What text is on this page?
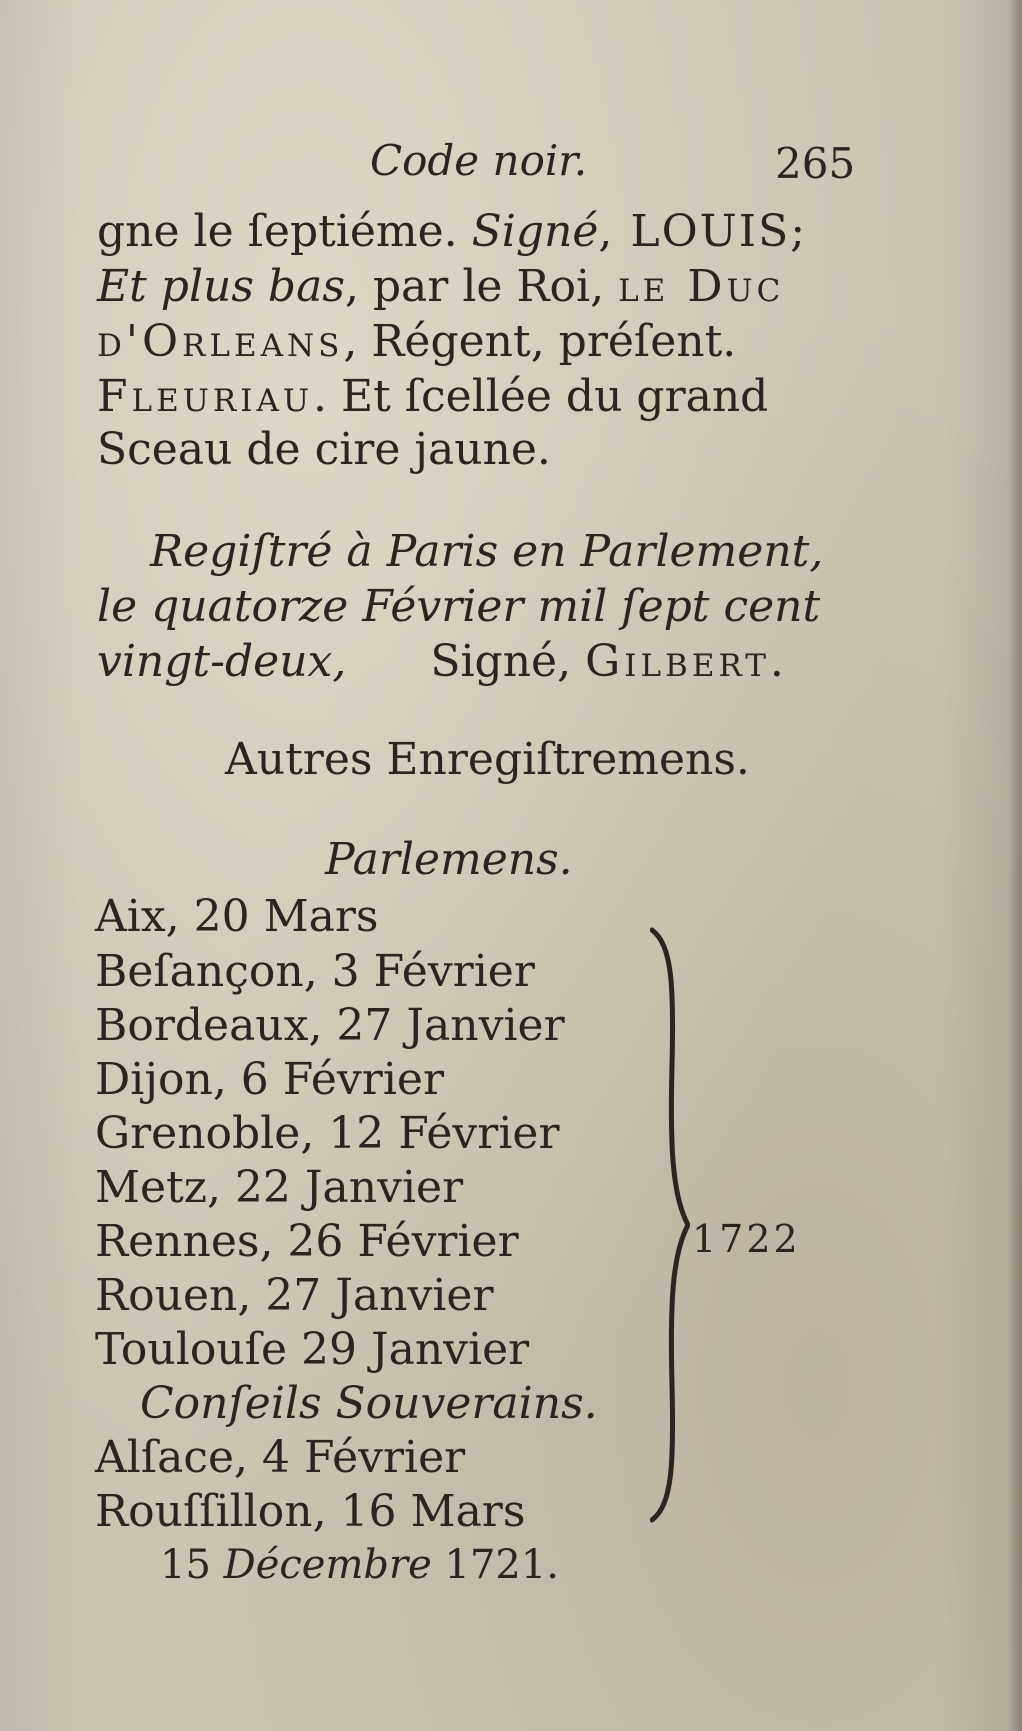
Code noir.	265
gne le ſeptiéme. Signé, LOUIS;
Et plus bas, par le Roi, le Duc
d'Orleans, Régent, préſent.
Fleuriau. Et ſcellée du grand
Sceau de cire jaune.
Regiſtré à Paris en Parlement,
le quatorze Février mil ſept cent
vingt-deux, Signé, Gilbert.
Autres Enregiſtremens.
Parlemens.
Aix, 20 Mars
Beſançon, 3 Février
Bordeaux, 27 Janvier
Dijon, 6 Février
Grenoble, 12 Février
Metz, 22 Janvier
Rennes, 26 Février
Rouen, 27 Janvier
Toulouſe 29 Janvier
Conſeils Souverains.
Alſace, 4 Février
Rouſſillon, 16 Mars
1722
15 Décembre 1721.
